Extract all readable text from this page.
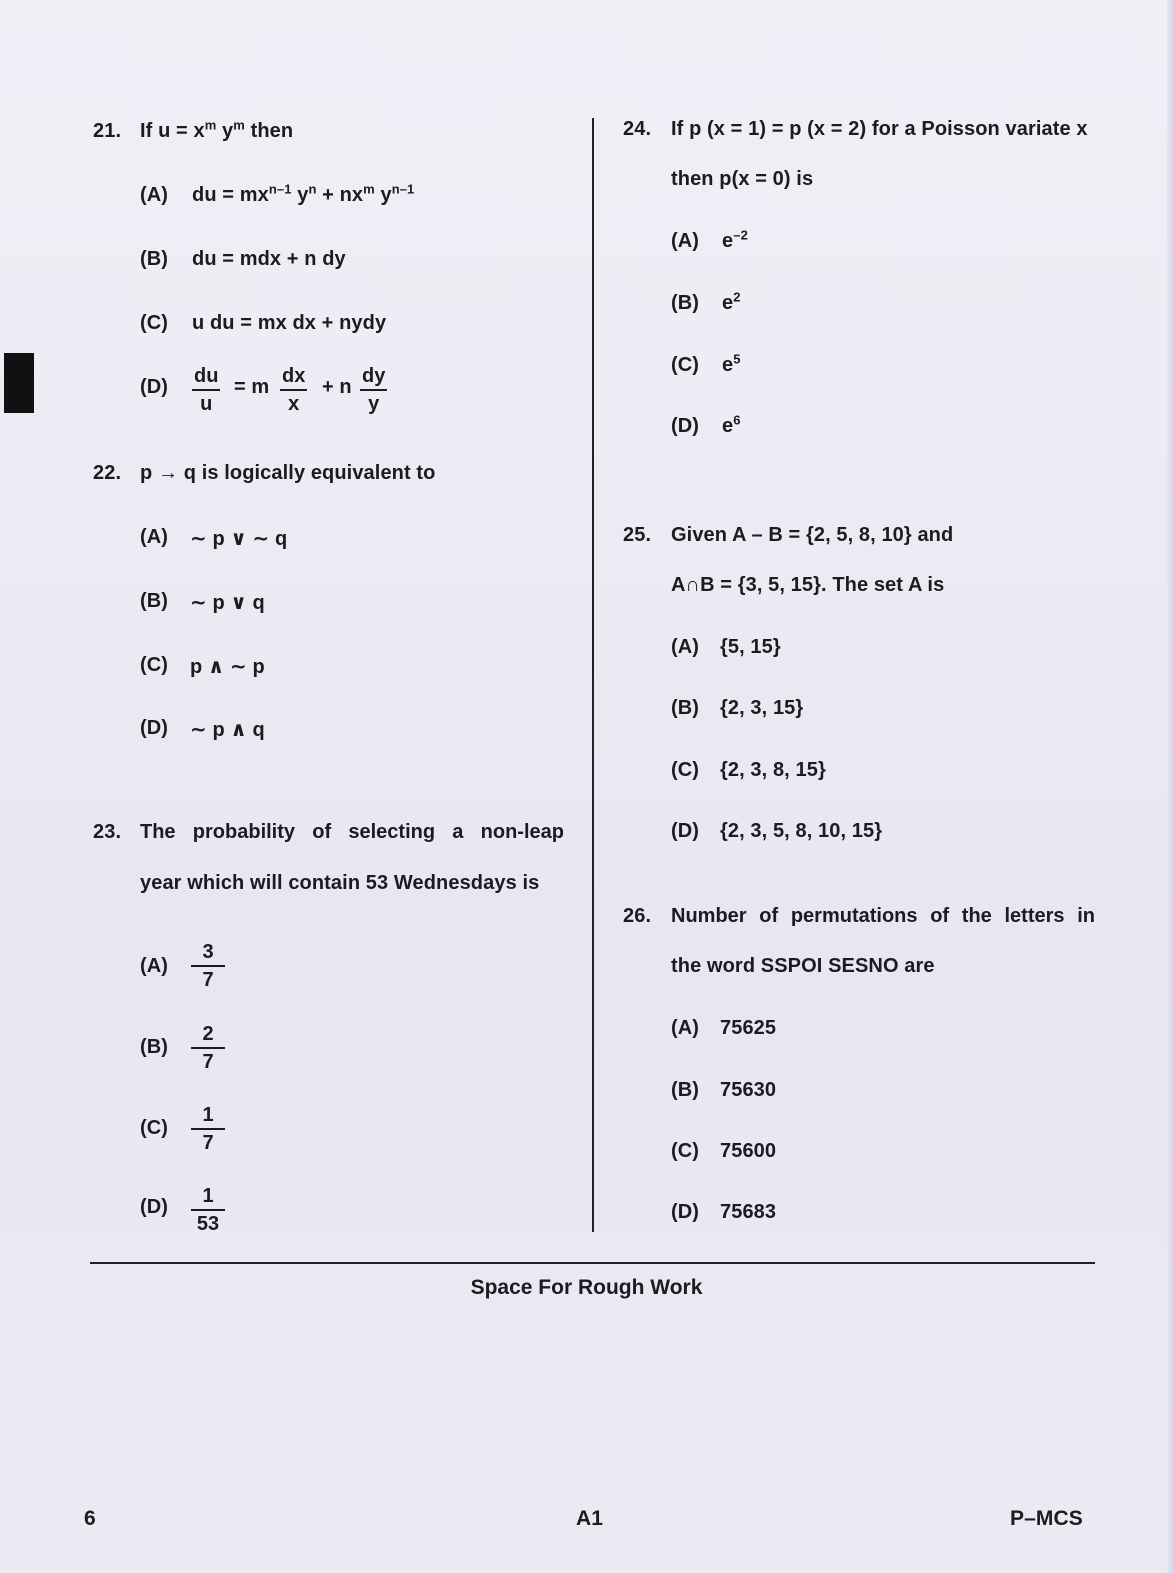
21. If $u = x^m$ $y^m$ then
(A) du = $mx^{n-1}$ $y^n + nx^m$ $y^{n-1}$
(B) du = mdx + n dy
(C) u du = mx dx + nydy
$(D) \frac{du}{u} = m \frac{dx}{x} + n \frac{dy}{y}$
22. p → q is logically equivalent to
(A) ∼ p ∨ ∼ q
(B) ∼ p ∨ q
(C) p ∧ ∼ p
(D) ∼ p ∧ q
23. The probability of selecting a non-leap
year which will contain 53 Wednesdays is
$(A) \frac{3}{7}$
$(B) \frac{2}{7}$
$(C) \frac{1}{7}$
$(D) \frac{1}{53}$
24. If p (x = 1) = p (x = 2) for a Poisson variate x
then p(x = 0) is
(A) $e^{-2}$
(B) $e^2$
(C) $e^5$
(D) $e^6$
25. Given A – B = {2, 5, 8, 10} and
A∩B = {3, 5, 15}. The set A is
(A) {5, 15}
(B) {2, 3, 15}
(C) {2, 3, 8, 15}
(D) {2, 3, 5, 8, 10, 15}
26. Number of permutations of the letters in
the word SSPOI SESNO are
(A) 75625
(B) 75630
(C) 75600
(D) 75683
Space For Rough Work
6	A1	P–MCS
